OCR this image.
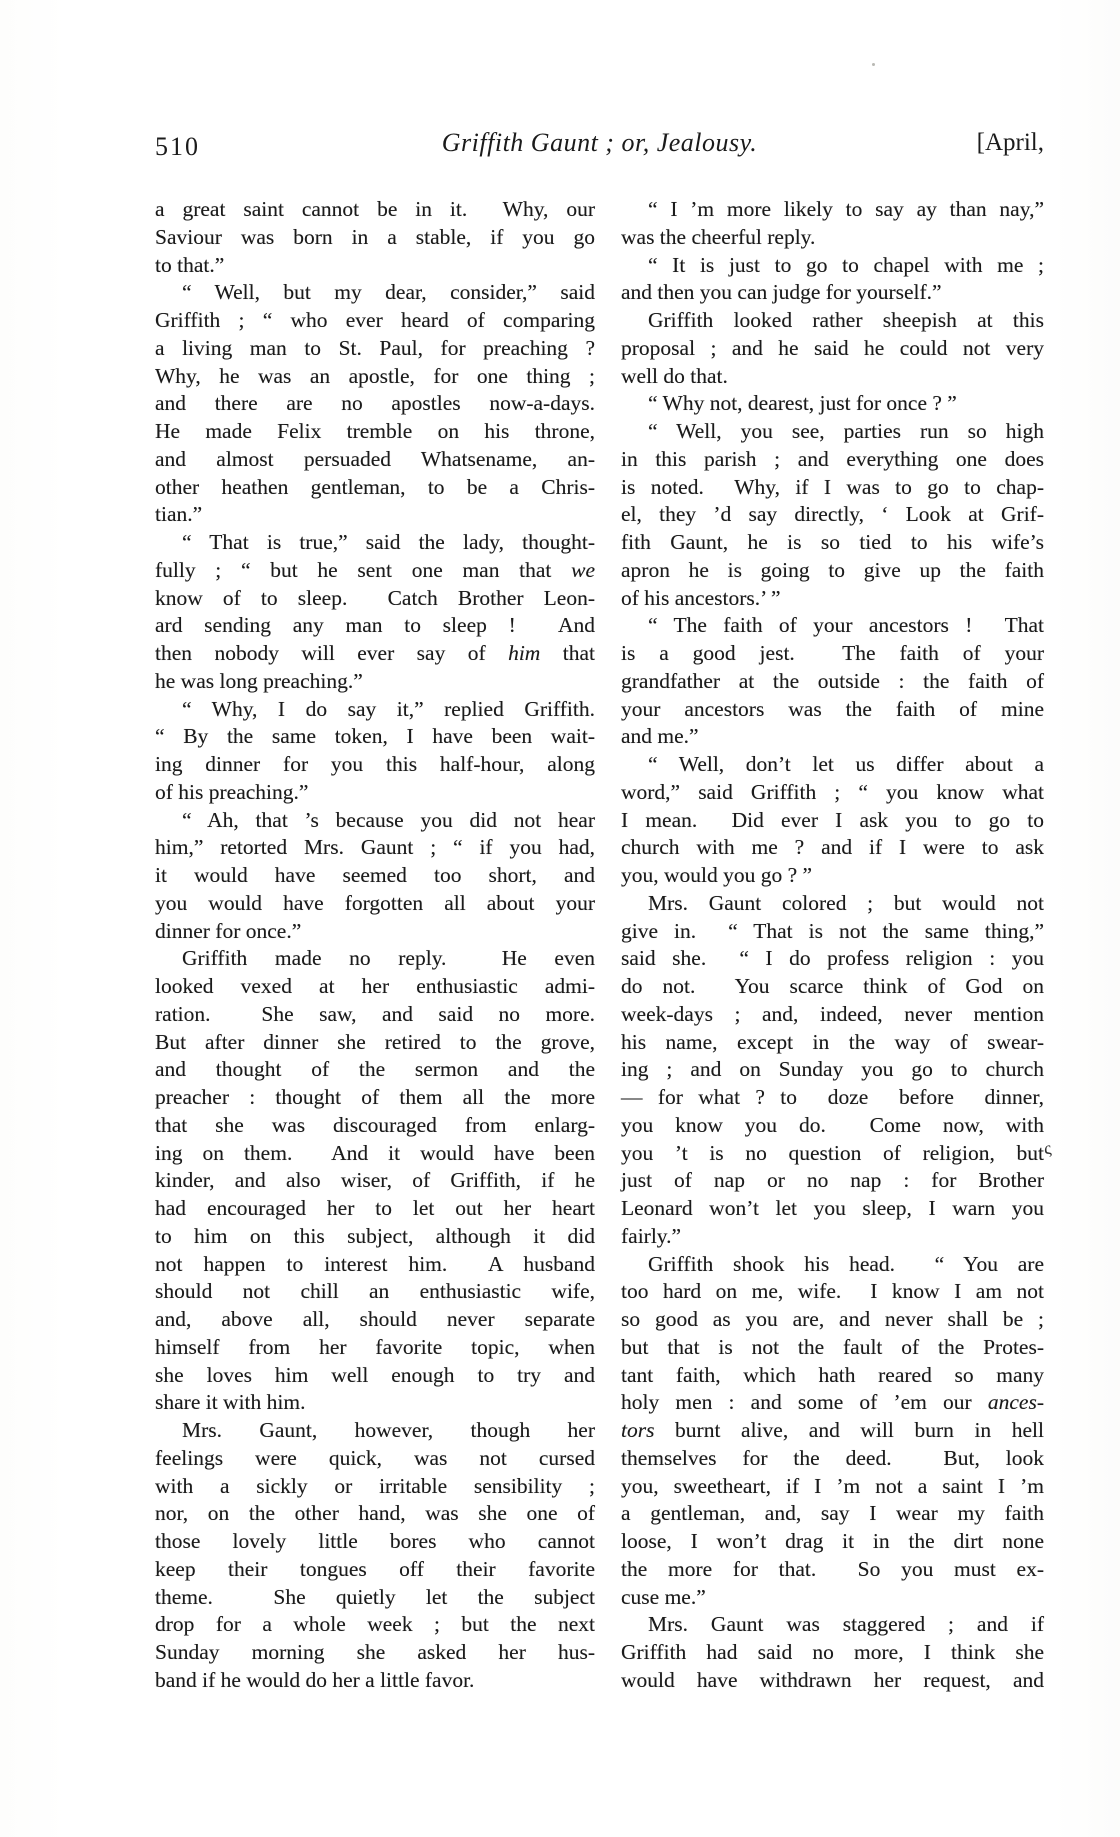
510	Griffith Gaunt ; or, Jealousy.	[April,
a great saint cannot be in it.  Why, our
Saviour was born in a stable, if you go
to that.”
“ Well, but my dear, consider,” said
Griffith ; “ who ever heard of comparing
a living man to St. Paul, for preaching ?
Why, he was an apostle, for one thing ;
and there are no apostles now-a-days.
He made Felix tremble on his throne,
and almost persuaded Whatsename, an-
other heathen gentleman, to be a Chris-
tian.”
“ That is true,” said the lady, thought-
fully ; “ but he sent one man that we
know of to sleep.  Catch Brother Leon-
ard sending any man to sleep !  And
then nobody will ever say of him that
he was long preaching.”
“ Why, I do say it,” replied Griffith.
“ By the same token, I have been wait-
ing dinner for you this half-hour, along
of his preaching.”
“ Ah, that ’s because you did not hear
him,” retorted Mrs. Gaunt ; “ if you had,
it would have seemed too short, and
you would have forgotten all about your
dinner for once.”
Griffith made no reply.  He even
looked vexed at her enthusiastic admi-
ration.  She saw, and said no more.
But after dinner she retired to the grove,
and thought of the sermon and the
preacher : thought of them all the more
that she was discouraged from enlarg-
ing on them.  And it would have been
kinder, and also wiser, of Griffith, if he
had encouraged her to let out her heart
to him on this subject, although it did
not happen to interest him.  A husband
should not chill an enthusiastic wife,
and, above all, should never separate
himself from her favorite topic, when
she loves him well enough to try and
share it with him.
Mrs. Gaunt, however, though her
feelings were quick, was not cursed
with a sickly or irritable sensibility ;
nor, on the other hand, was she one of
those lovely little bores who cannot
keep their tongues off their favorite
theme.  She quietly let the subject
drop for a whole week ; but the next
Sunday morning she asked her hus-
band if he would do her a little favor.
“ I ’m more likely to say ay than nay,”
was the cheerful reply.
“ It is just to go to chapel with me ;
and then you can judge for yourself.”
Griffith looked rather sheepish at this
proposal ; and he said he could not very
well do that.
“ Why not, dearest, just for once ? ”
“ Well, you see, parties run so high
in this parish ; and everything one does
is noted.  Why, if I was to go to chap-
el, they ’d say directly, ‘ Look at Grif-
fith Gaunt, he is so tied to his wife’s
apron he is going to give up the faith
of his ancestors.’ ”
“ The faith of your ancestors !  That
is a good jest.  The faith of your
grandfather at the outside : the faith of
your ancestors was the faith of mine
and me.”
“ Well, don’t let us differ about a
word,” said Griffith ; “ you know what
I mean.  Did ever I ask you to go to
church with me ? and if I were to ask
you, would you go ? ”
Mrs. Gaunt colored ; but would not
give in.  “ That is not the same thing,”
said she.  “ I do profess religion : you
do not.  You scarce think of God on
week-days ; and, indeed, never mention
his name, except in the way of swear-
ing ; and on Sunday you go to church
— for what ? to  doze  before  dinner,
you know you do.  Come now, with
you ’t is no question of religion, but
just of nap or no nap : for Brother
Leonard won’t let you sleep, I warn you
fairly.”
Griffith shook his head.  “ You are
too hard on me, wife.  I know I am not
so good as you are, and never shall be ;
but that is not the fault of the Protes-
tant faith, which hath reared so many
holy men : and some of ’em our ances-
tors burnt alive, and will burn in hell
themselves for the deed.  But, look
you, sweetheart, if I ’m not a saint I ’m
a gentleman, and, say I wear my faith
loose, I won’t drag it in the dirt none
the more for that.  So you must ex-
cuse me.”
Mrs. Gaunt was staggered ; and if
Griffith had said no more, I think she
would have withdrawn her request, and
ς
